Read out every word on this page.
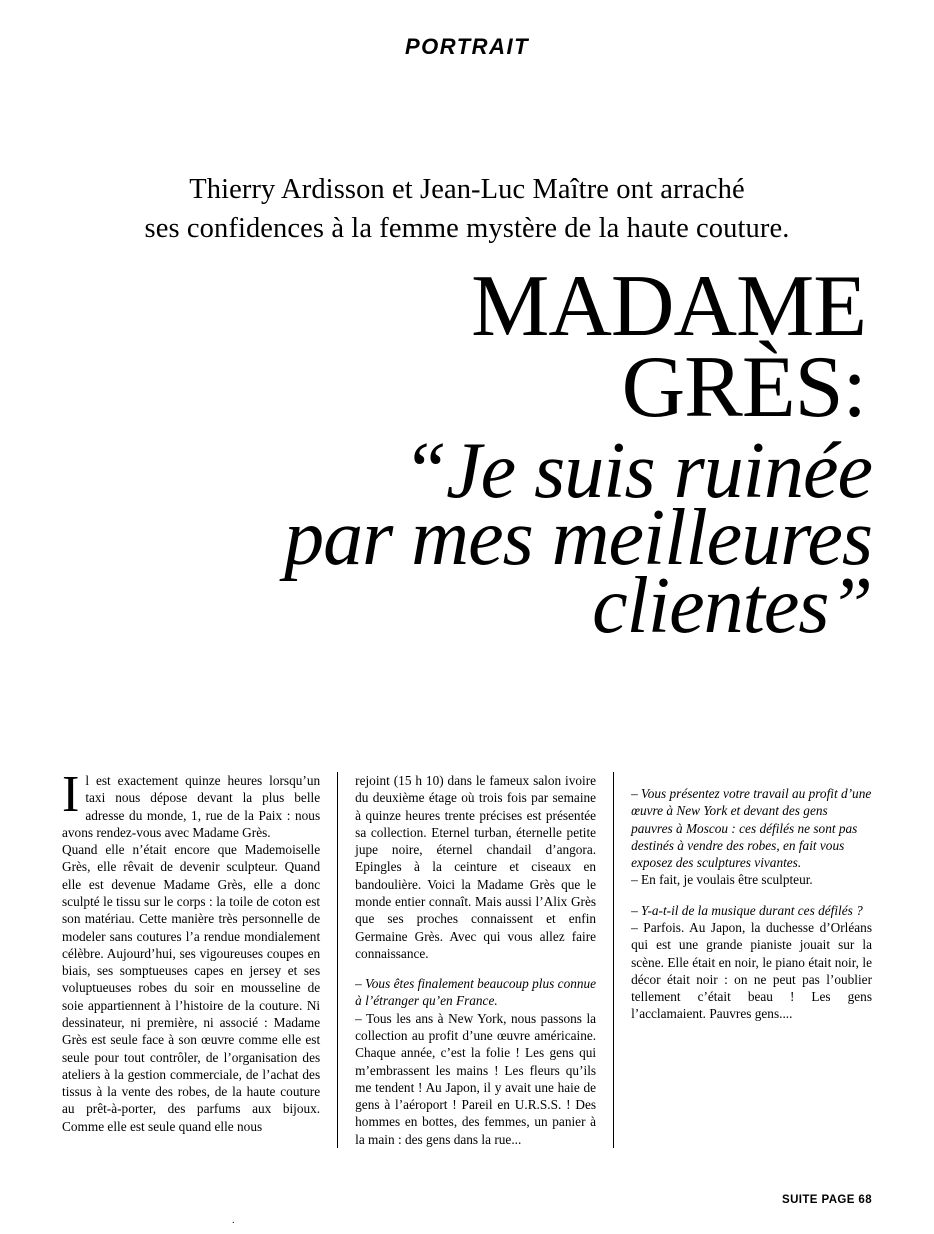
PORTRAIT
Thierry Ardisson et Jean-Luc Maître ont arraché
ses confidences à la femme mystère de la haute couture.
MADAME
GRÈS:
“Je suis ruinée
par mes meilleures
clientes”

Il est exactement quinze heures lorsqu’un taxi nous dépose devant la plus belle adresse du monde, 1, rue de la Paix : nous avons rendez-vous avec Madame Grès.

Quand elle n’était encore que Mademoiselle Grès, elle rêvait de devenir sculpteur. Quand elle est devenue Madame Grès, elle a donc sculpté le tissu sur le corps : la toile de coton est son matériau. Cette manière très personnelle de modeler sans coutures l’a rendue mondialement célèbre. Aujourd’hui, ses vigoureuses coupes en biais, ses somptueuses capes en jersey et ses voluptueuses robes du soir en mousseline de soie appartiennent à l’histoire de la couture. Ni dessinateur, ni première, ni associé : Madame Grès est seule face à son œuvre comme elle est seule pour tout contrôler, de l’organisation des ateliers à la gestion commerciale, de l’achat des tissus à la vente des robes, de la haute couture au prêt-à-porter, des parfums aux bijoux. Comme elle est seule quand elle nous

rejoint (15 h 10) dans le fameux salon ivoire du deuxième étage où trois fois par semaine à quinze heures trente précises est présentée sa collection. Eternel turban, éternelle petite jupe noire, éternel chandail d’angora. Epingles à la ceinture et ciseaux en bandoulière. Voici la Madame Grès que le monde entier connaît. Mais aussi l’Alix Grès que ses proches connaissent et enfin Germaine Grès. Avec qui vous allez faire connaissance.

– Vous êtes finalement beaucoup plus connue à l’étranger qu’en France.

– Tous les ans à New York, nous passons la collection au profit d’une œuvre américaine. Chaque année, c’est la folie ! Les gens qui m’embrassent les mains ! Les fleurs qu’ils me tendent ! Au Japon, il y avait une haie de gens à l’aéroport ! Pareil en U.R.S.S. ! Des hommes en bottes, des femmes, un panier à la main : des gens dans la rue...

– Vous présentez votre travail au profit d’une œuvre à New York et devant des gens pauvres à Moscou : ces défilés ne sont pas destinés à vendre des robes, en fait vous exposez des sculptures vivantes.

– En fait, je voulais être sculpteur.

– Y-a-t-il de la musique durant ces défilés ?

– Parfois. Au Japon, la duchesse d’Orléans qui est une grande pianiste jouait sur la scène. Elle était en noir, le piano était noir, le décor était noir : on ne peut pas l’oublier tellement c’était beau ! Les gens l’acclamaient. Pauvres gens....

SUITE PAGE 68
.
